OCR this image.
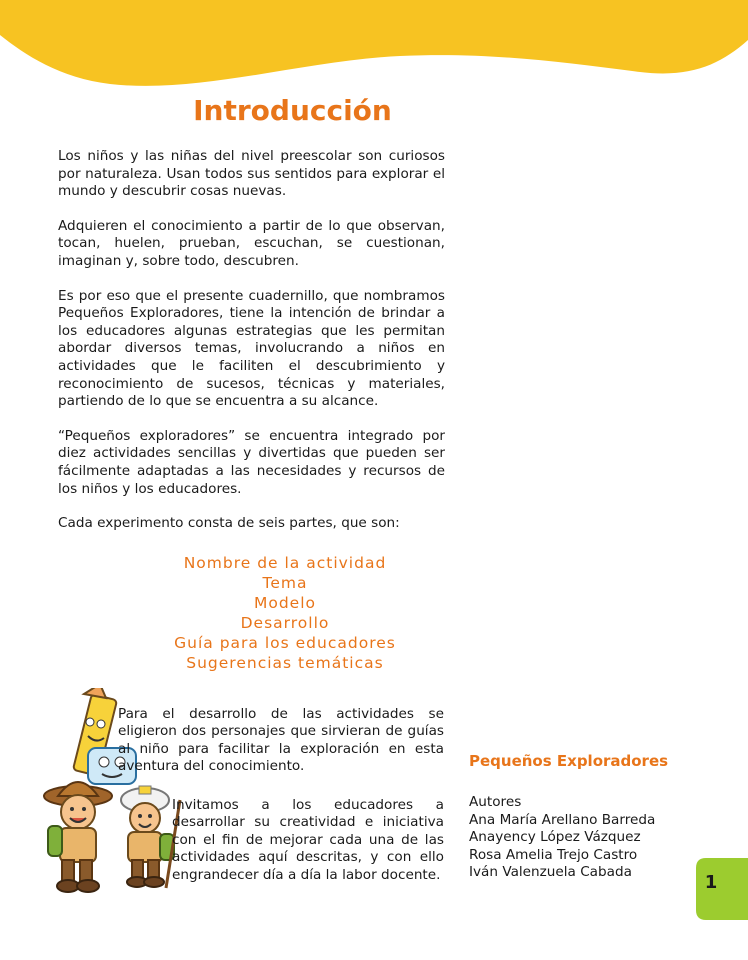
Introducción

Los niños y las niñas del nivel preescolar son curiosos por naturaleza. Usan todos sus sentidos para explorar el mundo y descubrir cosas nuevas.

Adquieren el conocimiento a partir de lo que observan, tocan, huelen, prueban, escuchan, se cuestionan, imaginan y, sobre todo, descubren.

Es por eso que el presente cuadernillo, que nombramos Pequeños Exploradores, tiene la intención de brindar a los educadores algunas estrategias que les permitan abordar diversos temas, involucrando a niños en actividades que le faciliten el descubrimiento y reconocimiento de sucesos, técnicas y materiales, partiendo de lo que se encuentra a su alcance.

“Pequeños exploradores” se encuentra integrado por diez actividades sencillas y divertidas que pueden ser fácilmente adaptadas a las necesidades y recursos de los niños y los educadores.

Cada experimento consta de seis partes, que son:

Nombre de la actividad
Tema
Modelo
Desarrollo
Guía para los educadores
Sugerencias temáticas

Para el desarrollo de las actividades se eligieron dos personajes que sirvieran de guías al niño para facilitar la exploración en esta aventura del conocimiento.

Invitamos a los educadores a desarrollar su creatividad e iniciativa con el fin de mejorar cada una de las actividades aquí descritas, y con ello engrandecer día a día la labor docente.

Pequeños Exploradores

Autores

Ana María Arellano Barreda
Anayency López Vázquez
Rosa Amelia Trejo Castro
Iván Valenzuela Cabada	1
